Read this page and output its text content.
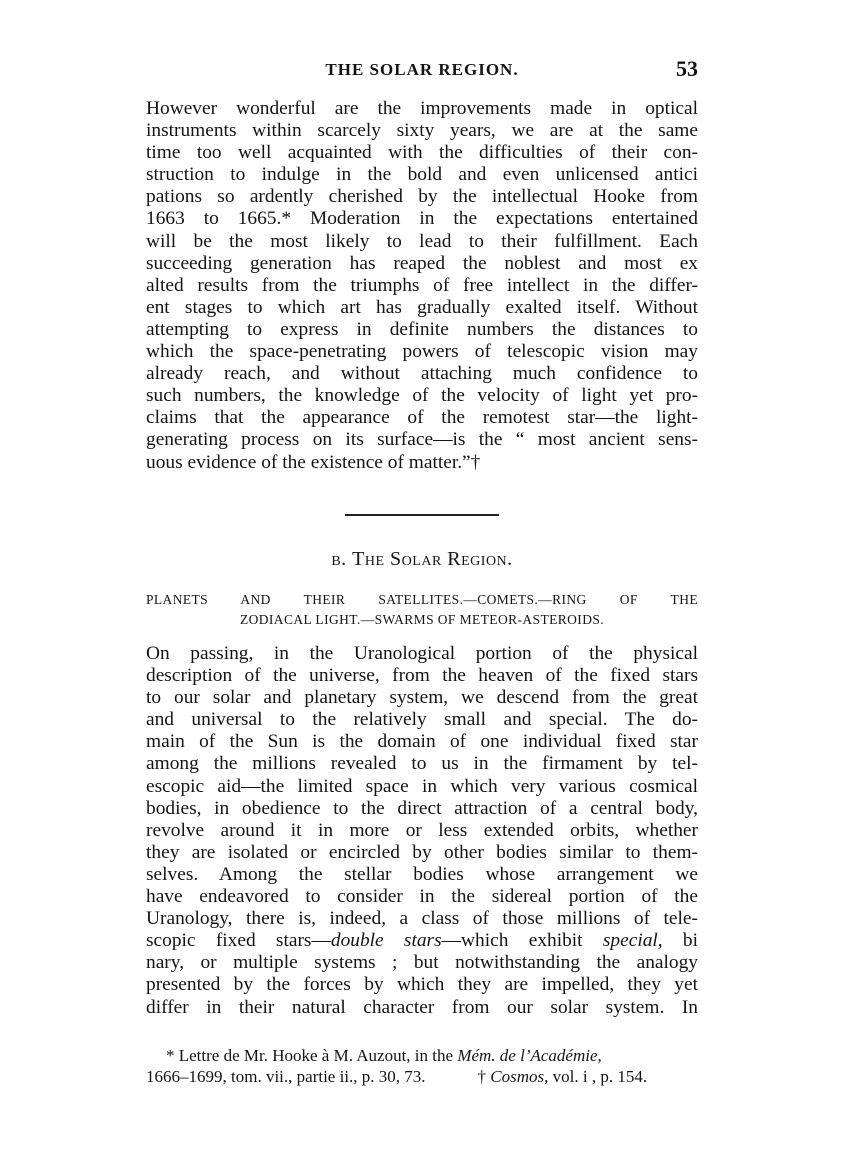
THE SOLAR REGION.	53
However wonderful are the improvements made in optical
instruments within scarcely sixty years, we are at the same
time too well acquainted with the difficulties of their con-
struction to indulge in the bold and even unlicensed antici
pations so ardently cherished by the intellectual Hooke from
1663 to 1665.* Moderation in the expectations entertained
will be the most likely to lead to their fulfillment. Each
succeeding generation has reaped the noblest and most ex
alted results from the triumphs of free intellect in the differ-
ent stages to which art has gradually exalted itself. Without
attempting to express in definite numbers the distances to
which the space-penetrating powers of telescopic vision may
already reach, and without attaching much confidence to
such numbers, the knowledge of the velocity of light yet pro-
claims that the appearance of the remotest star—the light-
generating process on its surface—is the “ most ancient sens-
uous evidence of the existence of matter.”†
β. The Solar Region.
PLANETS AND THEIR SATELLITES.—COMETS.—RING OF THE
ZODIACAL LIGHT.—SWARMS OF METEOR-ASTEROIDS.
On passing, in the Uranological portion of the physical
description of the universe, from the heaven of the fixed stars
to our solar and planetary system, we descend from the great
and universal to the relatively small and special. The do-
main of the Sun is the domain of one individual fixed star
among the millions revealed to us in the firmament by tel-
escopic aid—the limited space in which very various cosmical
bodies, in obedience to the direct attraction of a central body,
revolve around it in more or less extended orbits, whether
they are isolated or encircled by other bodies similar to them-
selves. Among the stellar bodies whose arrangement we
have endeavored to consider in the sidereal portion of the
Uranology, there is, indeed, a class of those millions of tele-
scopic fixed stars—double stars—which exhibit special, bi
nary, or multiple systems ; but notwithstanding the analogy
presented by the forces by which they are impelled, they yet
differ in their natural character from our solar system. In
* Lettre de Mr. Hooke à M. Auzout, in the Mém. de l’Académie,
1666–1699, tom. vii., partie ii., p. 30, 73.	† Cosmos, vol. i , p. 154.
